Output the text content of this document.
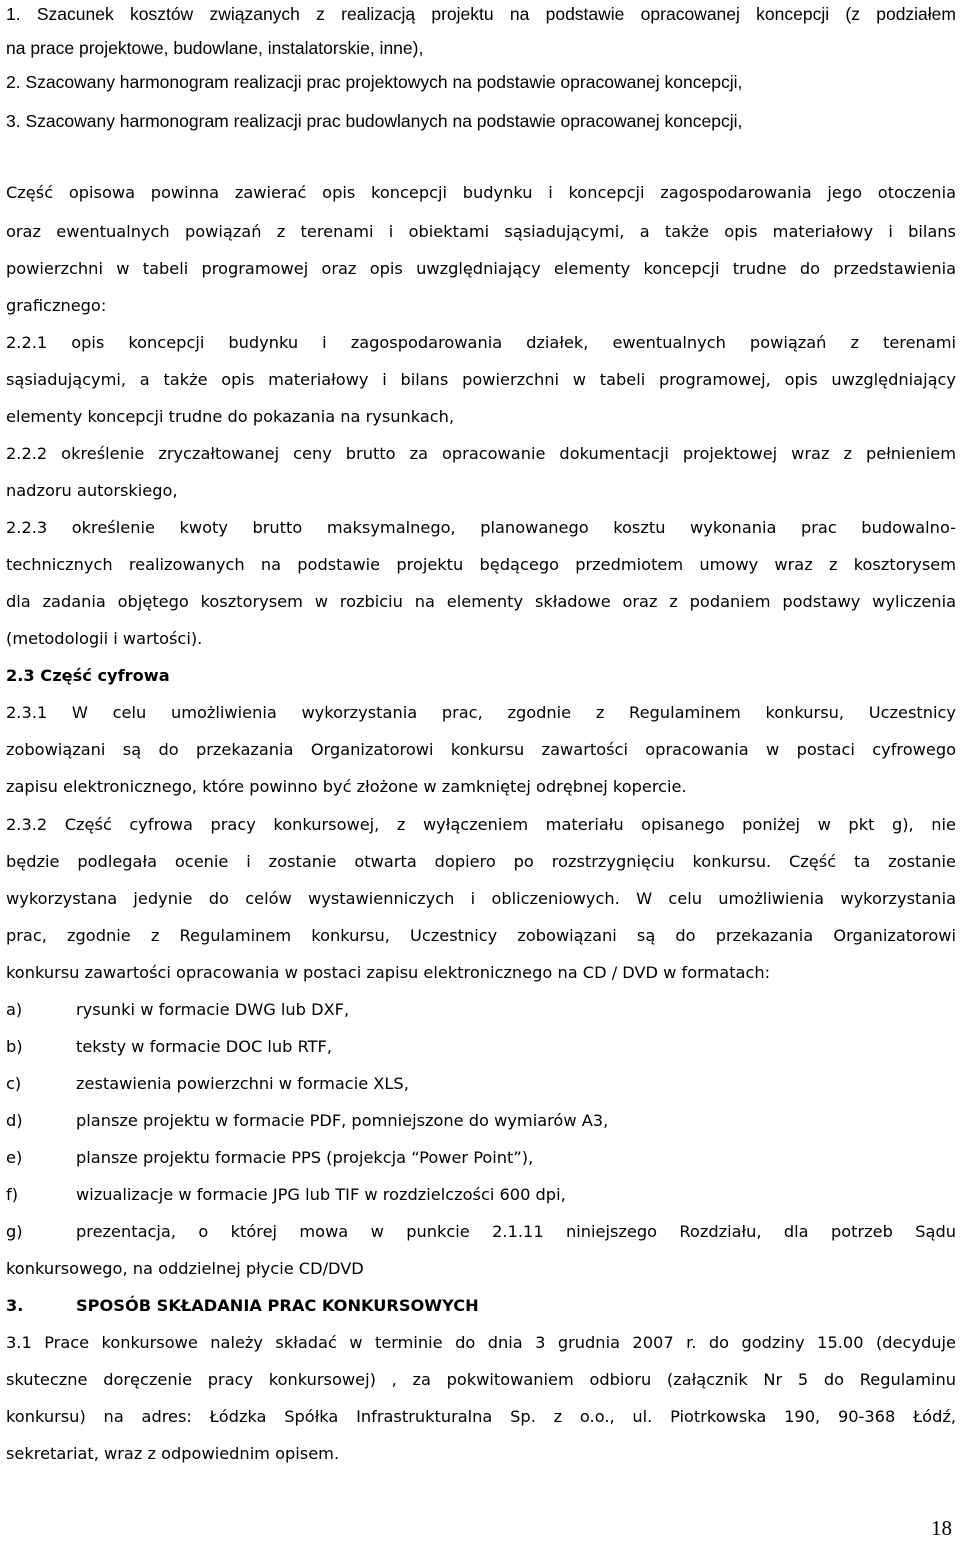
1. Szacunek kosztów związanych z realizacją projektu na podstawie opracowanej koncepcji (z podziałem
na prace projektowe, budowlane, instalatorskie, inne),
2. Szacowany harmonogram realizacji prac projektowych na podstawie opracowanej koncepcji,
3. Szacowany harmonogram realizacji prac budowlanych na podstawie opracowanej koncepcji,
Część opisowa powinna zawierać opis koncepcji budynku i koncepcji zagospodarowania jego otoczenia
oraz ewentualnych powiązań z terenami i obiektami sąsiadującymi, a także opis materiałowy i bilans
powierzchni w tabeli programowej oraz opis uwzględniający elementy koncepcji trudne do przedstawienia
graficznego:
2.2.1 opis koncepcji budynku i zagospodarowania działek, ewentualnych powiązań z terenami
sąsiadującymi, a także opis materiałowy i bilans powierzchni w tabeli programowej, opis uwzględniający
elementy koncepcji trudne do pokazania na rysunkach,
2.2.2 określenie zryczałtowanej ceny brutto za opracowanie dokumentacji projektowej wraz z pełnieniem
nadzoru autorskiego,
2.2.3 określenie kwoty brutto maksymalnego, planowanego kosztu wykonania prac budowalno-
technicznych realizowanych na podstawie projektu będącego przedmiotem umowy wraz z kosztorysem
dla zadania objętego kosztorysem w rozbiciu na elementy składowe oraz z podaniem podstawy wyliczenia
(metodologii i wartości).
2.3 Część cyfrowa
2.3.1 W celu umożliwienia wykorzystania prac, zgodnie z Regulaminem konkursu, Uczestnicy
zobowiązani są do przekazania Organizatorowi konkursu zawartości opracowania w postaci cyfrowego
zapisu elektronicznego, które powinno być złożone w zamkniętej odrębnej kopercie.
2.3.2 Część cyfrowa pracy konkursowej, z wyłączeniem materiału opisanego poniżej w pkt g), nie
będzie podlegała ocenie i zostanie otwarta dopiero po rozstrzygnięciu konkursu. Część ta zostanie
wykorzystana jedynie do celów wystawienniczych i obliczeniowych. W celu umożliwienia wykorzystania
prac, zgodnie z Regulaminem konkursu, Uczestnicy zobowiązani są do przekazania Organizatorowi
konkursu zawartości opracowania w postaci zapisu elektronicznego na CD / DVD w formatach:
a)	rysunki w formacie DWG lub DXF,
b)	teksty w formacie DOC lub RTF,
c)	zestawienia powierzchni w formacie XLS,
d)	plansze projektu w formacie PDF, pomniejszone do wymiarów A3,
e)	plansze projektu formacie PPS (projekcja “Power Point”),
f)	wizualizacje w formacie JPG lub TIF w rozdzielczości 600 dpi,
g)	prezentacja, o której mowa w punkcie 2.1.11 niniejszego Rozdziału, dla potrzeb Sądu
konkursowego, na oddzielnej płycie CD/DVD
3.	SPOSÓB SKŁADANIA PRAC KONKURSOWYCH
3.1 Prace konkursowe należy składać w terminie do dnia 3 grudnia 2007 r. do godziny 15.00 (decyduje
skuteczne doręczenie pracy konkursowej) , za pokwitowaniem odbioru (załącznik Nr 5 do Regulaminu
konkursu) na adres: Łódzka Spółka Infrastrukturalna Sp. z o.o., ul. Piotrkowska 190, 90-368 Łódź,
sekretariat, wraz z odpowiednim opisem.
18
